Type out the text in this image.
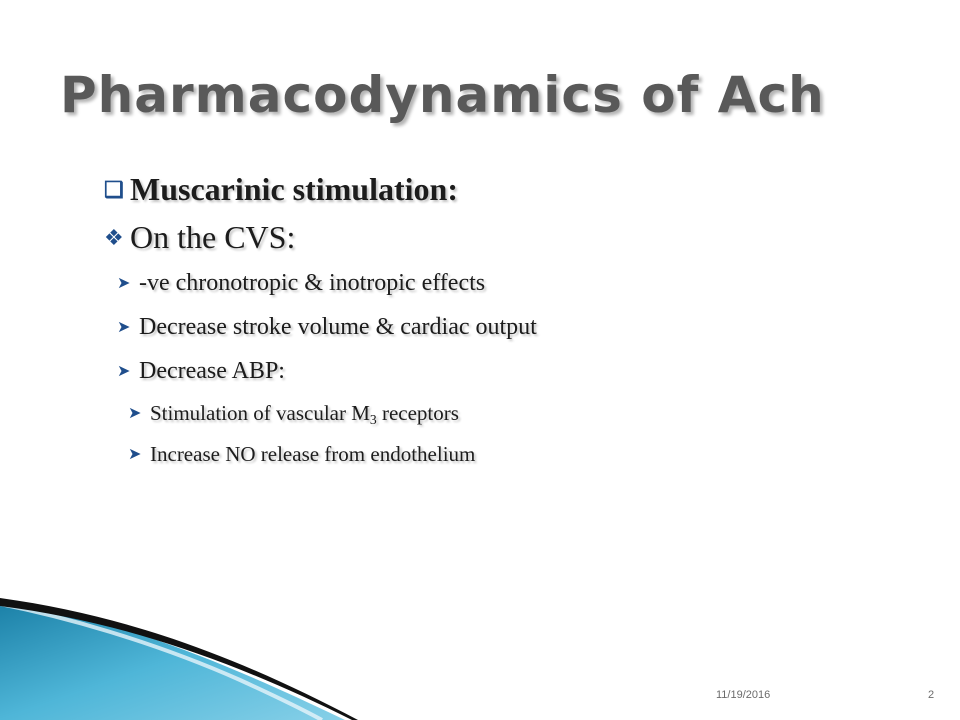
Pharmacodynamics of Ach
❑ Muscarinic stimulation:
❖ On the CVS:
➤ -ve chronotropic & inotropic effects
➤ Decrease stroke volume & cardiac output
➤ Decrease ABP:
➤ Stimulation of vascular $M_3$ receptors
➤ Increase NO release from endothelium
11/19/2016	2
